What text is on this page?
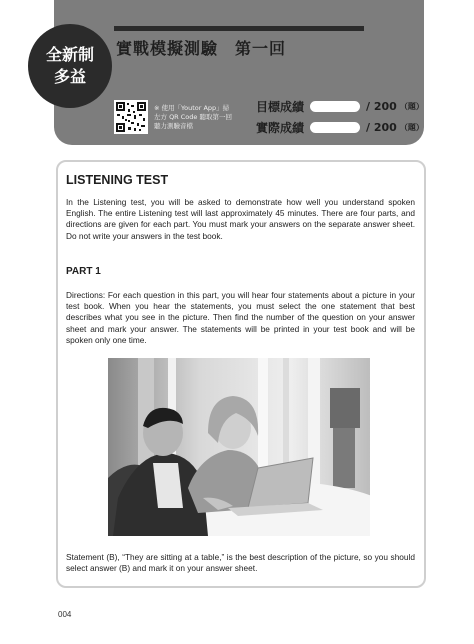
全新制
多益
實戰模擬測驗　第一回
※ 使用「Youtor App」掃左方 QR Code 聽取第一回聽力測驗音檔
目標成績	/ 200 （題）
實際成績	/ 200 （題）
LISTENING TEST
In the Listening test, you will be asked to demonstrate how well you understand spoken English. The entire Listening test will last approximately 45 minutes. There are four parts, and directions are given for each part. You must mark your answers on the separate answer sheet. Do not write your answers in the test book.
PART 1
Directions: For each question in this part, you will hear four statements about a picture in your test book. When you hear the statements, you must select the one statement that best describes what you see in the picture. Then find the number of the question on your answer sheet and mark your answer. The statements will be printed in your test book and will be spoken only one time.
Statement (B), “They are sitting at a table,” is the best description of the picture, so you should select answer (B) and mark it on your answer sheet.
004
